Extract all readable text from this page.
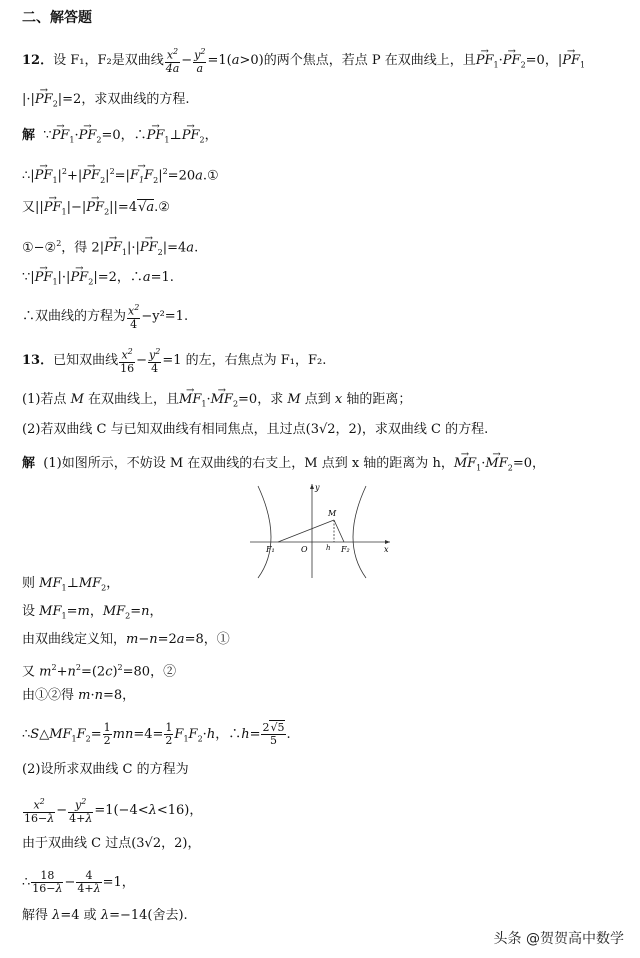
二、解答题
12．设 F₁，F₂是双曲线 $\frac{x^2}{4a} - \frac{y^2}{a} =1(a>0)$的两个焦点，若点 P 在双曲线上，且→ $PF_1\cdot\to PF_2=0$，|→ $PF_1$
|·|→ $PF_2|=2$，求双曲线的方程.
解  ∵→ $PF_1\cdot\to PF_2=0$，∴→ $PF_1\perp\to PF_2$，
∴|→ $PF_1|^2+|\to PF_2|^2=|\to$ $F_1F_2|^2=20a.①$
又||→ $PF_1|-|\to$ $PF_2||=4√a.②$
①−②$^2$，得 $2|\to PF_1|\cdot|\to PF_2|=4a$.
∵|→ $PF_1|\cdot|\to PF_2|=2$，∴a=1.
∴双曲线的方程为 $\frac{x^2}{4} -y^2=1$.
13．已知双曲线 $\frac{x^2}{16} - \frac{y^2}{4} =1$ 的左，右焦点为 F₁，F₂.
(1)若点 M 在双曲线上，且→ $MF_1\cdot\to MF_2=0$，求 M 点到 x 轴的距离；
(2)若双曲线 C 与已知双曲线有相同焦点，且过点(3√2，2)，求双曲线 C 的方程.
解 (1)如图所示，不妨设 M 在双曲线的右支上，M 点到 x 轴的距离为 h，→ $MF_1\cdot\to MF_2=0$，
y
x
M
F₁	O	h F₂
则 $MF_1\perp MF_2$，
设 $MF_1=m$，$MF_2=n$，
由双曲线定义知，m−n=2a=8，①
又 $m^2+n^2=(2c)^2=80$，②
由①②得 m·n=8，
$\therefore S\triangle MF_1F_2= \frac{1}{2} mn=4= \frac{1}{2} F_1F_2\cdot h$，∴h= $\frac{2√5}{5}$ .
(2)设所求双曲线 C 的方程为
$\frac{x^2}{16-\lambda} - \frac{y^2}{4+\lambda} =1(-4<\lambda<16)$，
由于双曲线 C 过点(3√2，2)，
∴ $\frac{18}{16-\lambda} - \frac{4}{4+\lambda} =1$，
解得 λ=4 或 λ=−14(舍去).
头条 @贺贺高中数学
